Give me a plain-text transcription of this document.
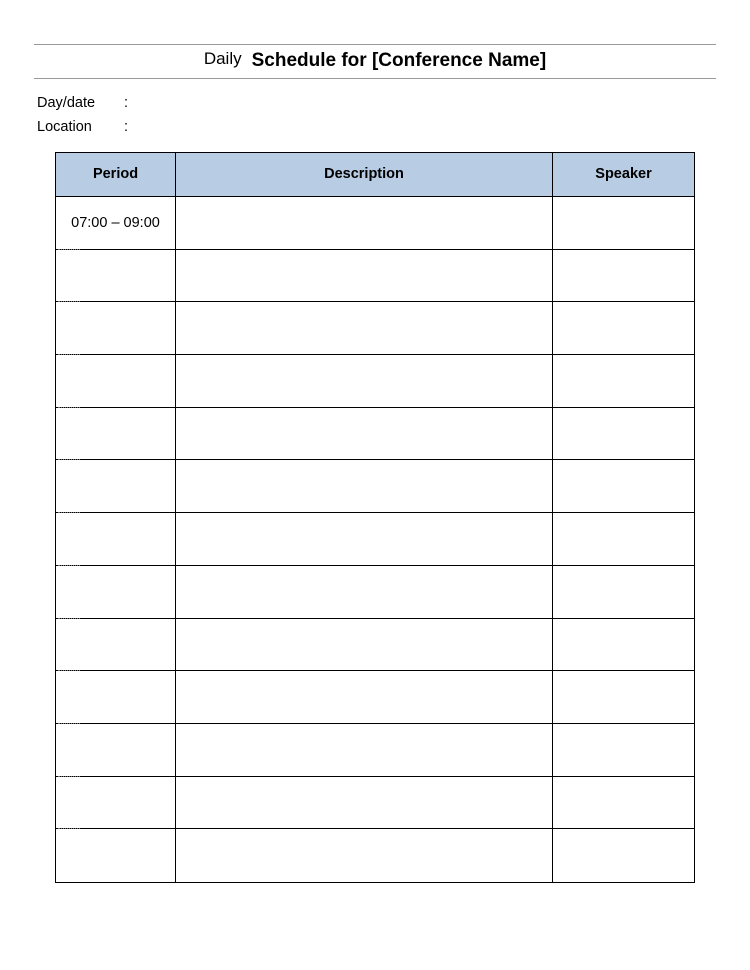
Daily Schedule for [Conference Name]
Day/date :
Location :
Period	Description	Speaker
07:00 – 09:00
